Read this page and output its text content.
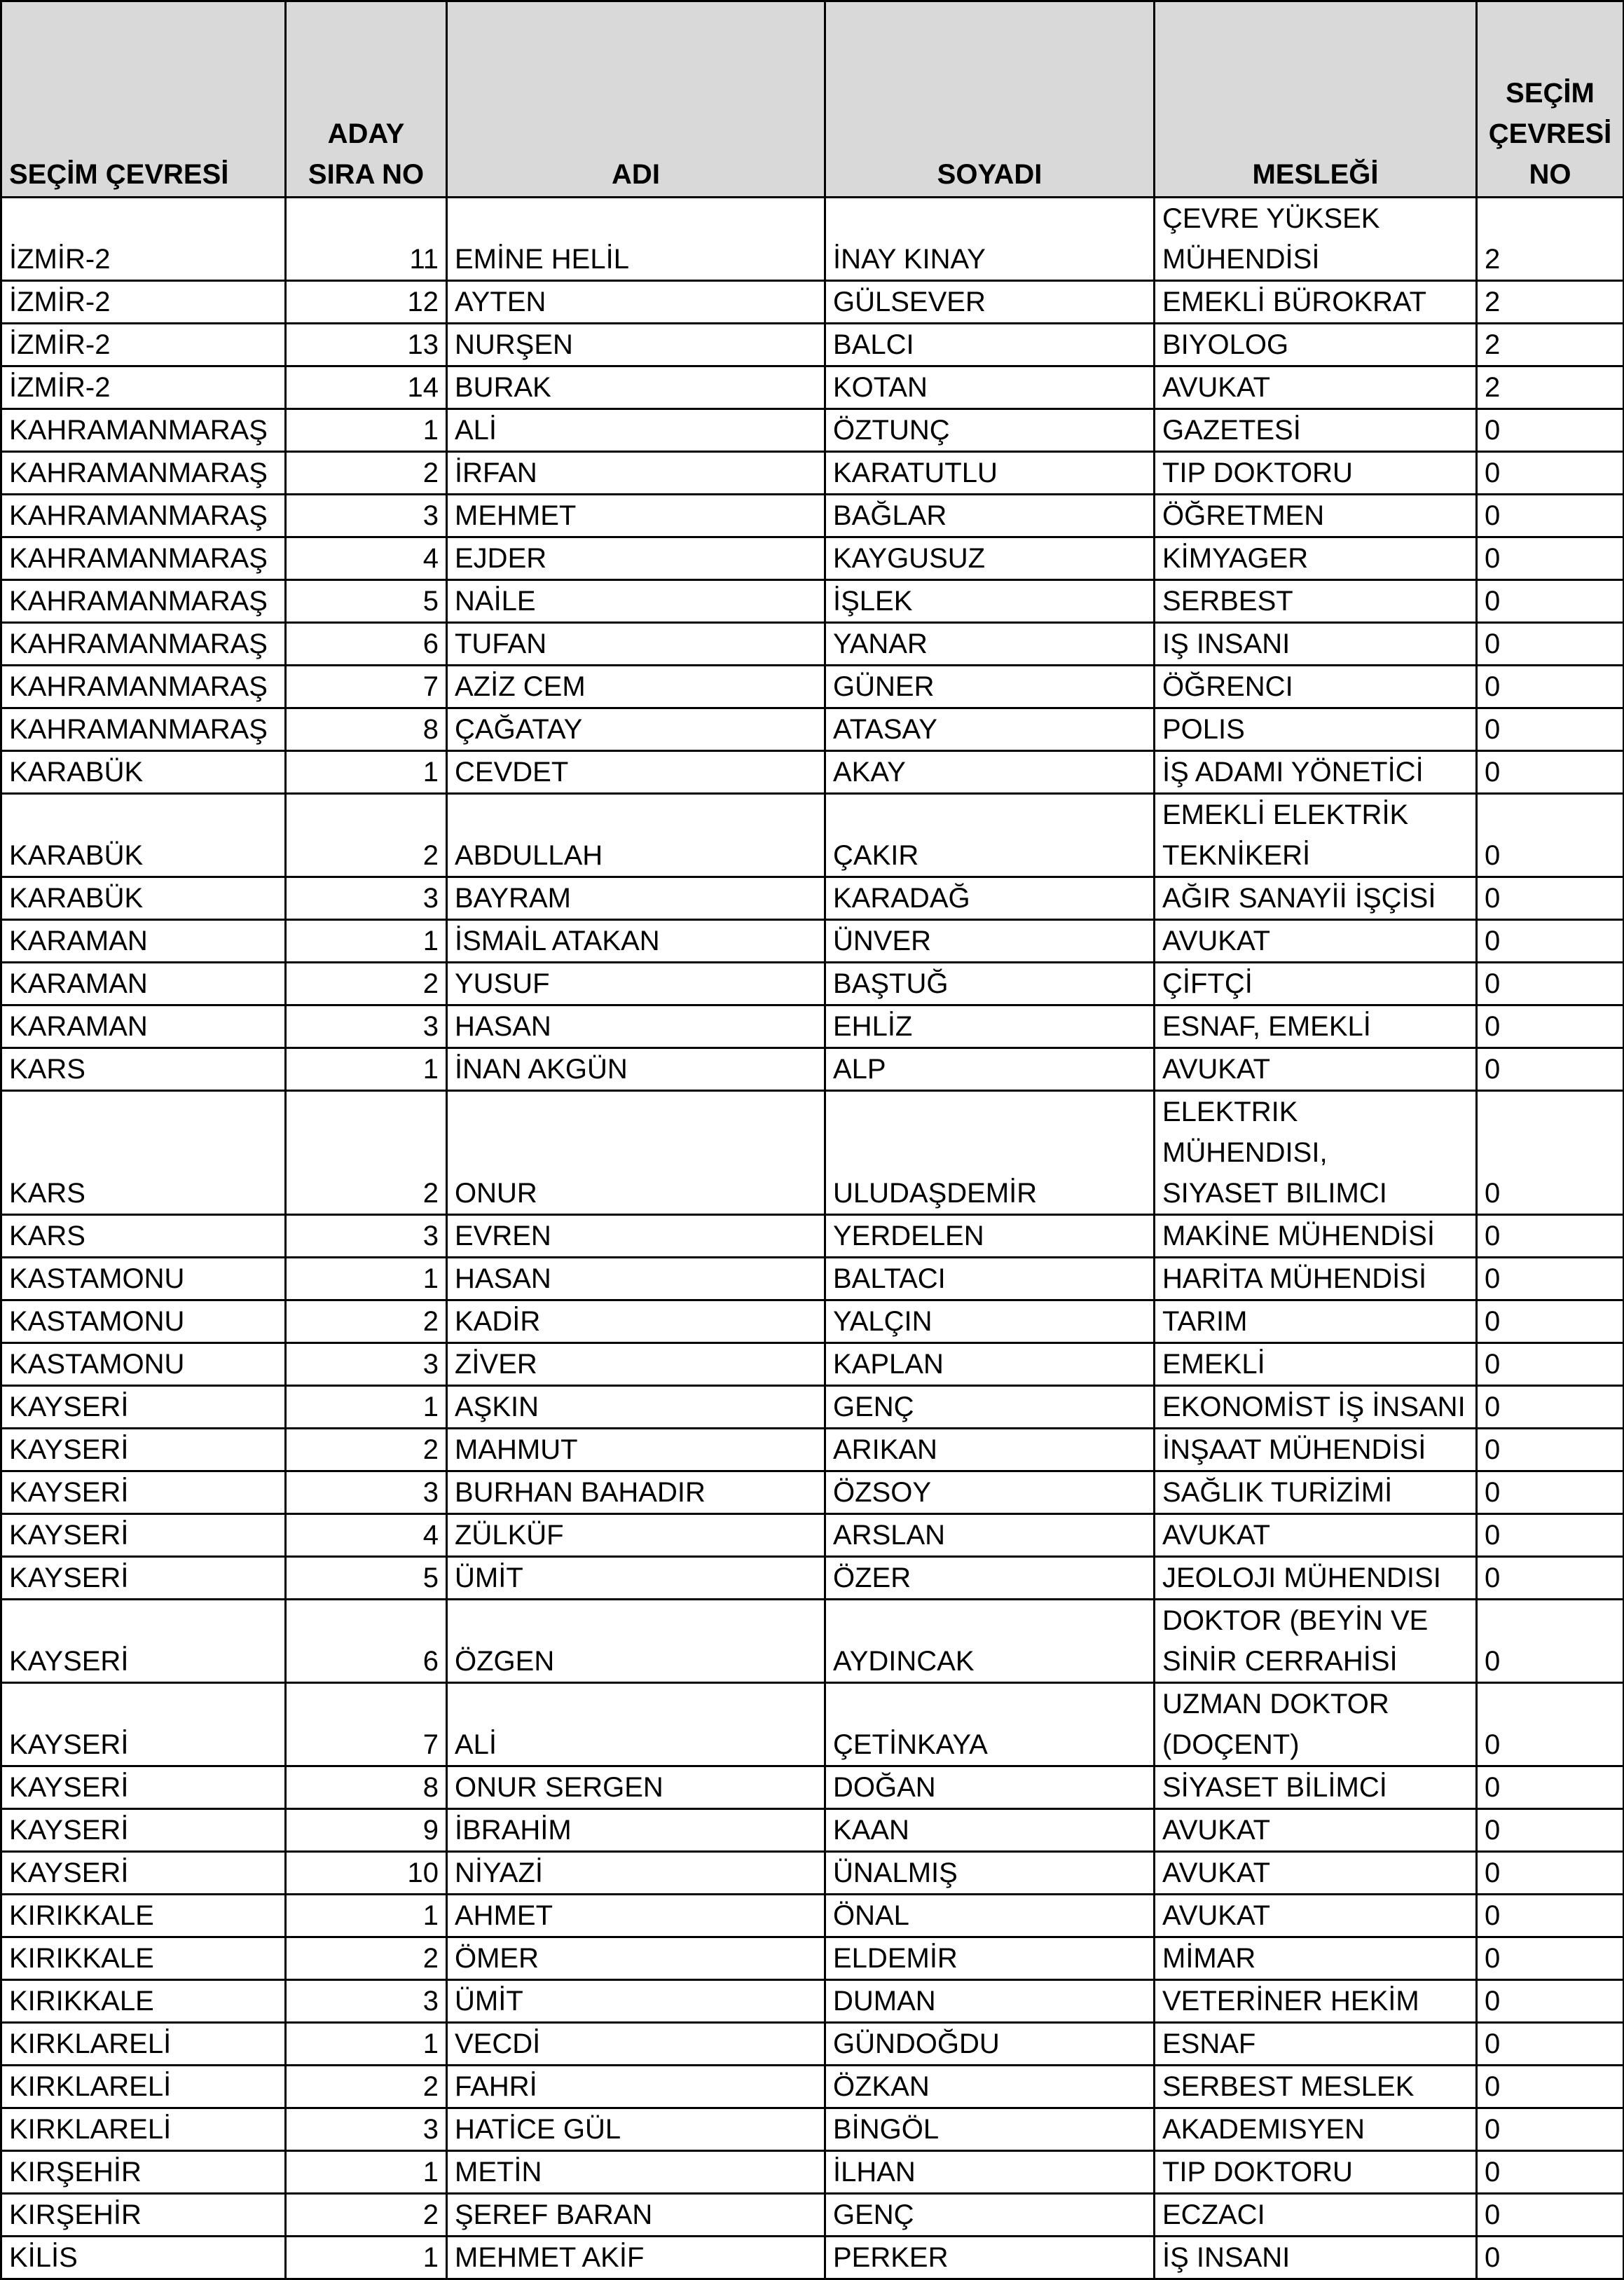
SEÇİM ÇEVRESİ	ADAY
SIRA NO	ADI	SOYADI	MESLEĞİ	SEÇİM
ÇEVRESİ
NO
İZMİR-2	11	EMİNE HELİL	İNAY KINAY	ÇEVRE YÜKSEK
MÜHENDİSİ	2
İZMİR-2	12	AYTEN	GÜLSEVER	EMEKLİ BÜROKRAT	2
İZMİR-2	13	NURŞEN	BALCI	BIYOLOG	2
İZMİR-2	14	BURAK	KOTAN	AVUKAT	2
KAHRAMANMARAŞ	1	ALİ	ÖZTUNÇ	GAZETESİ	0
KAHRAMANMARAŞ	2	İRFAN	KARATUTLU	TIP DOKTORU	0
KAHRAMANMARAŞ	3	MEHMET	BAĞLAR	ÖĞRETMEN	0
KAHRAMANMARAŞ	4	EJDER	KAYGUSUZ	KİMYAGER	0
KAHRAMANMARAŞ	5	NAİLE	İŞLEK	SERBEST	0
KAHRAMANMARAŞ	6	TUFAN	YANAR	IŞ INSANI	0
KAHRAMANMARAŞ	7	AZİZ CEM	GÜNER	ÖĞRENCI	0
KAHRAMANMARAŞ	8	ÇAĞATAY	ATASAY	POLIS	0
KARABÜK	1	CEVDET	AKAY	İŞ ADAMI YÖNETİCİ	0
KARABÜK	2	ABDULLAH	ÇAKIR	EMEKLİ ELEKTRİK
TEKNİKERİ	0
KARABÜK	3	BAYRAM	KARADAĞ	AĞIR SANAYİİ İŞÇİSİ	0
KARAMAN	1	İSMAİL ATAKAN	ÜNVER	AVUKAT	0
KARAMAN	2	YUSUF	BAŞTUĞ	ÇİFTÇİ	0
KARAMAN	3	HASAN	EHLİZ	ESNAF, EMEKLİ	0
KARS	1	İNAN AKGÜN	ALP	AVUKAT	0
KARS	2	ONUR	ULUDAŞDEMİR	ELEKTRIK MÜHENDISI,
SIYASET BILIMCI	0
KARS	3	EVREN	YERDELEN	MAKİNE MÜHENDİSİ	0
KASTAMONU	1	HASAN	BALTACI	HARİTA MÜHENDİSİ	0
KASTAMONU	2	KADİR	YALÇIN	TARIM	0
KASTAMONU	3	ZİVER	KAPLAN	EMEKLİ	0
KAYSERİ	1	AŞKIN	GENÇ	EKONOMİST İŞ İNSANI	0
KAYSERİ	2	MAHMUT	ARIKAN	İNŞAAT MÜHENDİSİ	0
KAYSERİ	3	BURHAN BAHADIR	ÖZSOY	SAĞLIK TURİZİMİ	0
KAYSERİ	4	ZÜLKÜF	ARSLAN	AVUKAT	0
KAYSERİ	5	ÜMİT	ÖZER	JEOLOJI MÜHENDISI	0
KAYSERİ	6	ÖZGEN	AYDINCAK	DOKTOR (BEYİN VE
SİNİR CERRAHİSİ	0
KAYSERİ	7	ALİ	ÇETİNKAYA	UZMAN DOKTOR
(DOÇENT)	0
KAYSERİ	8	ONUR SERGEN	DOĞAN	SİYASET BİLİMCİ	0
KAYSERİ	9	İBRAHİM	KAAN	AVUKAT	0
KAYSERİ	10	NİYAZİ	ÜNALMIŞ	AVUKAT	0
KIRIKKALE	1	AHMET	ÖNAL	AVUKAT	0
KIRIKKALE	2	ÖMER	ELDEMİR	MİMAR	0
KIRIKKALE	3	ÜMİT	DUMAN	VETERİNER HEKİM	0
KIRKLARELİ	1	VECDİ	GÜNDOĞDU	ESNAF	0
KIRKLARELİ	2	FAHRİ	ÖZKAN	SERBEST MESLEK	0
KIRKLARELİ	3	HATİCE GÜL	BİNGÖL	AKADEMISYEN	0
KIRŞEHİR	1	METİN	İLHAN	TIP DOKTORU	0
KIRŞEHİR	2	ŞEREF BARAN	GENÇ	ECZACI	0
KİLİS	1	MEHMET AKİF	PERKER	İŞ INSANI	0
